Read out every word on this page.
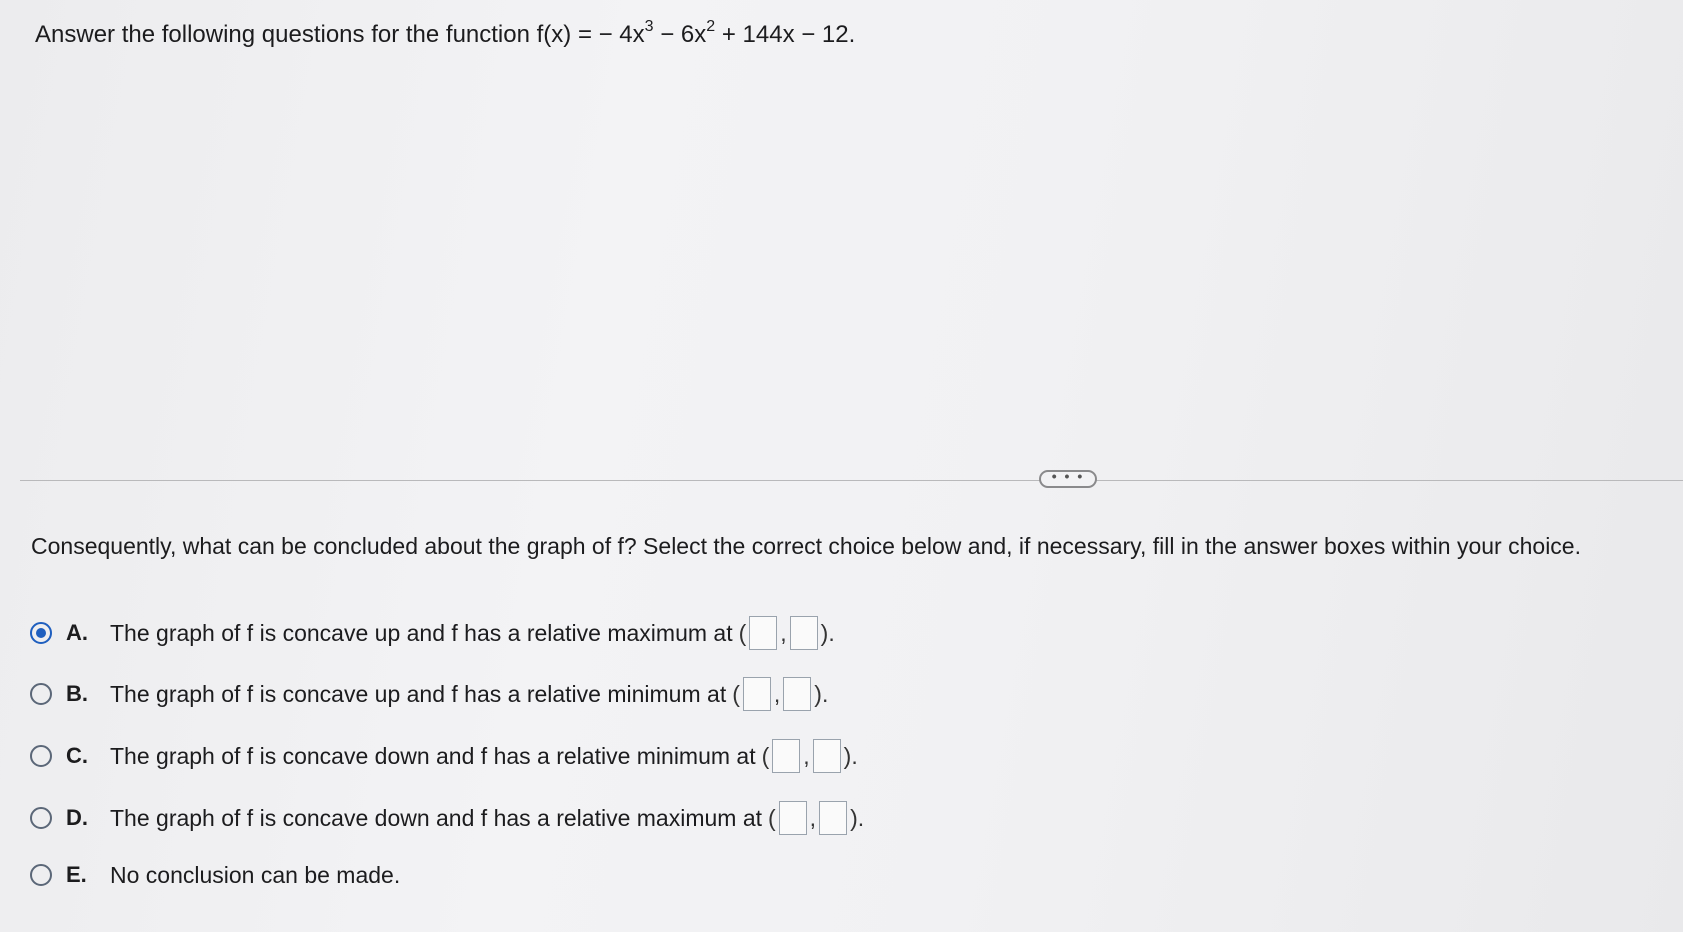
Answer the following questions for the function f(x) = − $4x^3 - 6x^2 + 144x - 12$.
• • •
Consequently, what can be concluded about the graph of f? Select the correct choice below and, if necessary, fill in the answer boxes within your choice.
A. The graph of f is concave up and f has a relative maximum at ( , ).
B. The graph of f is concave up and f has a relative minimum at ( , ).
C. The graph of f is concave down and f has a relative minimum at ( , ).
D. The graph of f is concave down and f has a relative maximum at ( , ).
E.	No conclusion can be made.
